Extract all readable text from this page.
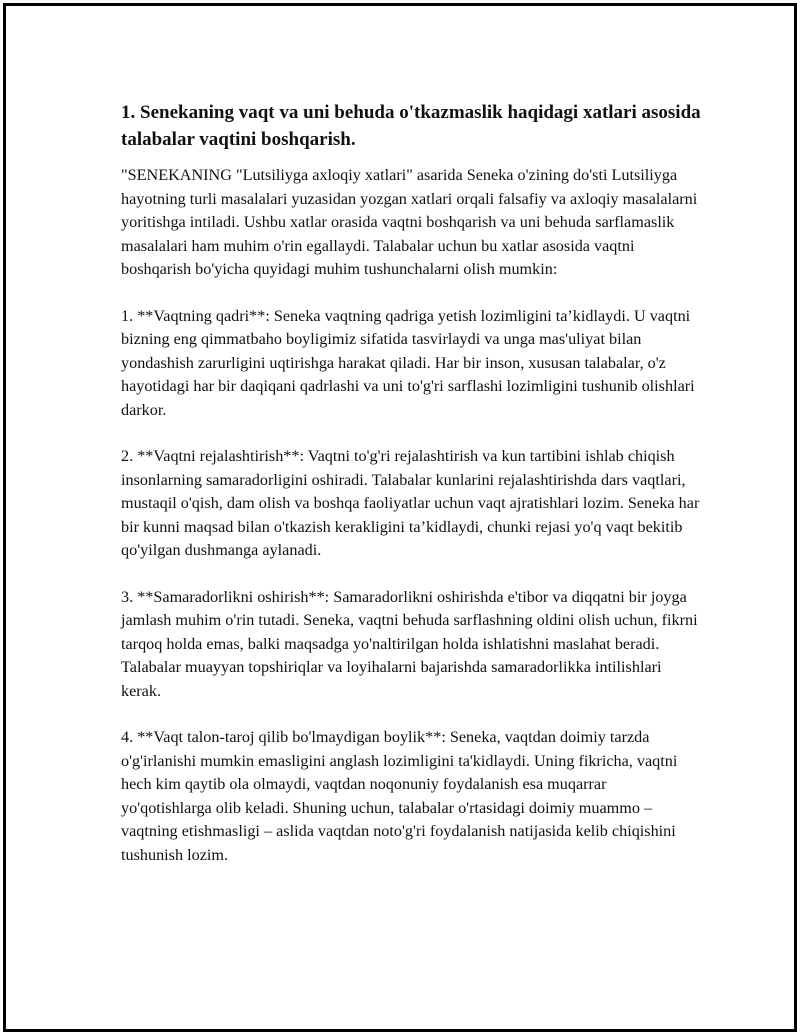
1. Senekaning vaqt va uni behuda o'tkazmaslik haqidagi xatlari asosida talabalar vaqtini boshqarish.

"SENEKANING "Lutsiliyga axloqiy xatlari" asarida Seneka o'zining do'sti Lutsiliyga hayotning turli masalalari yuzasidan yozgan xatlari orqali falsafiy va axloqiy masalalarni yoritishga intiladi. Ushbu xatlar orasida vaqtni boshqarish va uni behuda sarflamaslik masalalari ham muhim o'rin egallaydi. Talabalar uchun bu xatlar asosida vaqtni boshqarish bo'yicha quyidagi muhim tushunchalarni olish mumkin:

1. **Vaqtning qadri**: Seneka vaqtning qadriga yetish lozimligini ta’kidlaydi. U vaqtni bizning eng qimmatbaho boyligimiz sifatida tasvirlaydi va unga mas'uliyat bilan yondashish zarurligini uqtirishga harakat qiladi. Har bir inson, xususan talabalar, o'z hayotidagi har bir daqiqani qadrlashi va uni to'g'ri sarflashi lozimligini tushunib olishlari darkor.

2. **Vaqtni rejalashtirish**: Vaqtni to'g'ri rejalashtirish va kun tartibini ishlab chiqish insonlarning samaradorligini oshiradi. Talabalar kunlarini rejalashtirishda dars vaqtlari, mustaqil o'qish, dam olish va boshqa faoliyatlar uchun vaqt ajratishlari lozim. Seneka har bir kunni maqsad bilan o'tkazish kerakligini ta’kidlaydi, chunki rejasi yo'q vaqt bekitib qo'yilgan dushmanga aylanadi.

3. **Samaradorlikni oshirish**: Samaradorlikni oshirishda e'tibor va diqqatni bir joyga jamlash muhim o'rin tutadi. Seneka, vaqtni behuda sarflashning oldini olish uchun, fikrni tarqoq holda emas, balki maqsadga yo'naltirilgan holda ishlatishni maslahat beradi. Talabalar muayyan topshiriqlar va loyihalarni bajarishda samaradorlikka intilishlari kerak.

4. **Vaqt talon-taroj qilib bo'lmaydigan boylik**: Seneka, vaqtdan doimiy tarzda o'g'irlanishi mumkin emasligini anglash lozimligini ta'kidlaydi. Uning fikricha, vaqtni hech kim qaytib ola olmaydi, vaqtdan noqonuniy foydalanish esa muqarrar yo'qotishlarga olib keladi. Shuning uchun, talabalar o'rtasidagi doimiy muammo – vaqtning etishmasligi – aslida vaqtdan noto'g'ri foydalanish natijasida kelib chiqishini tushunish lozim.
